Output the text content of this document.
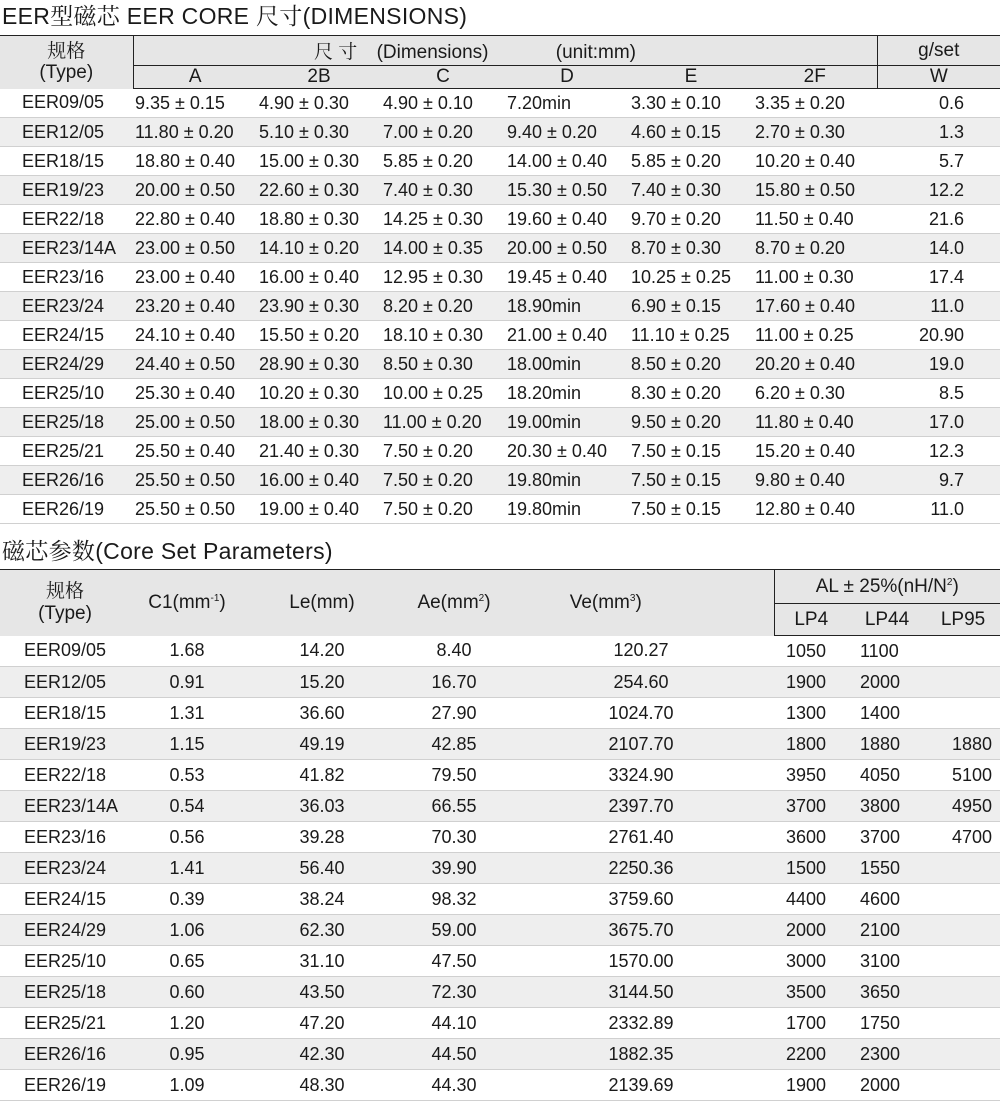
EER型磁芯 EER CORE 尺寸(DIMENSIONS)
规格
(Type)	尺 寸 (Dimensions) (unit:mm)						g/set
	A	2B	C	D	E	2F	W
EER09/05	9.35 ± 0.15	4.90 ± 0.30	4.90 ± 0.10	7.20min	3.30 ± 0.10	3.35 ± 0.20	0.6
EER12/05	11.80 ± 0.20	5.10 ± 0.30	7.00 ± 0.20	9.40 ± 0.20	4.60 ± 0.15	2.70 ± 0.30	1.3
EER18/15	18.80 ± 0.40	15.00 ± 0.30	5.85 ± 0.20	14.00 ± 0.40	5.85 ± 0.20	10.20 ± 0.40	5.7
EER19/23	20.00 ± 0.50	22.60 ± 0.30	7.40 ± 0.30	15.30 ± 0.50	7.40 ± 0.30	15.80 ± 0.50	12.2
EER22/18	22.80 ± 0.40	18.80 ± 0.30	14.25 ± 0.30	19.60 ± 0.40	9.70 ± 0.20	11.50 ± 0.40	21.6
EER23/14A	23.00 ± 0.50	14.10 ± 0.20	14.00 ± 0.35	20.00 ± 0.50	8.70 ± 0.30	8.70 ± 0.20	14.0
EER23/16	23.00 ± 0.40	16.00 ± 0.40	12.95 ± 0.30	19.45 ± 0.40	10.25 ± 0.25	11.00 ± 0.30	17.4
EER23/24	23.20 ± 0.40	23.90 ± 0.30	8.20 ± 0.20	18.90min	6.90 ± 0.15	17.60 ± 0.40	11.0
EER24/15	24.10 ± 0.40	15.50 ± 0.20	18.10 ± 0.30	21.00 ± 0.40	11.10 ± 0.25	11.00 ± 0.25	20.90
EER24/29	24.40 ± 0.50	28.90 ± 0.30	8.50 ± 0.30	18.00min	8.50 ± 0.20	20.20 ± 0.40	19.0
EER25/10	25.30 ± 0.40	10.20 ± 0.30	10.00 ± 0.25	18.20min	8.30 ± 0.20	6.20 ± 0.30	8.5
EER25/18	25.00 ± 0.50	18.00 ± 0.30	11.00 ± 0.20	19.00min	9.50 ± 0.20	11.80 ± 0.40	17.0
EER25/21	25.50 ± 0.40	21.40 ± 0.30	7.50 ± 0.20	20.30 ± 0.40	7.50 ± 0.15	15.20 ± 0.40	12.3
EER26/16	25.50 ± 0.50	16.00 ± 0.40	7.50 ± 0.20	19.80min	7.50 ± 0.15	9.80 ± 0.40	9.7
EER26/19	25.50 ± 0.50	19.00 ± 0.40	7.50 ± 0.20	19.80min	7.50 ± 0.15	12.80 ± 0.40	11.0
磁芯参数(Core Set Parameters)
规格
(Type)	$C1(mm^{-1})$	Le(mm)	$Ae(mm^2)$	$Ve(mm^3)$	AL ± $25\%(nH/N^2)$		
					LP4	LP44	LP95
EER09/05	1.68	14.20	8.40	120.27	1050	1100	
EER12/05	0.91	15.20	16.70	254.60	1900	2000	
EER18/15	1.31	36.60	27.90	1024.70	1300	1400	
EER19/23	1.15	49.19	42.85	2107.70	1800	1880	1880
EER22/18	0.53	41.82	79.50	3324.90	3950	4050	5100
EER23/14A	0.54	36.03	66.55	2397.70	3700	3800	4950
EER23/16	0.56	39.28	70.30	2761.40	3600	3700	4700
EER23/24	1.41	56.40	39.90	2250.36	1500	1550	
EER24/15	0.39	38.24	98.32	3759.60	4400	4600	
EER24/29	1.06	62.30	59.00	3675.70	2000	2100	
EER25/10	0.65	31.10	47.50	1570.00	3000	3100	
EER25/18	0.60	43.50	72.30	3144.50	3500	3650	
EER25/21	1.20	47.20	44.10	2332.89	1700	1750	
EER26/16	0.95	42.30	44.50	1882.35	2200	2300	
EER26/19	1.09	48.30	44.30	2139.69	1900	2000	
